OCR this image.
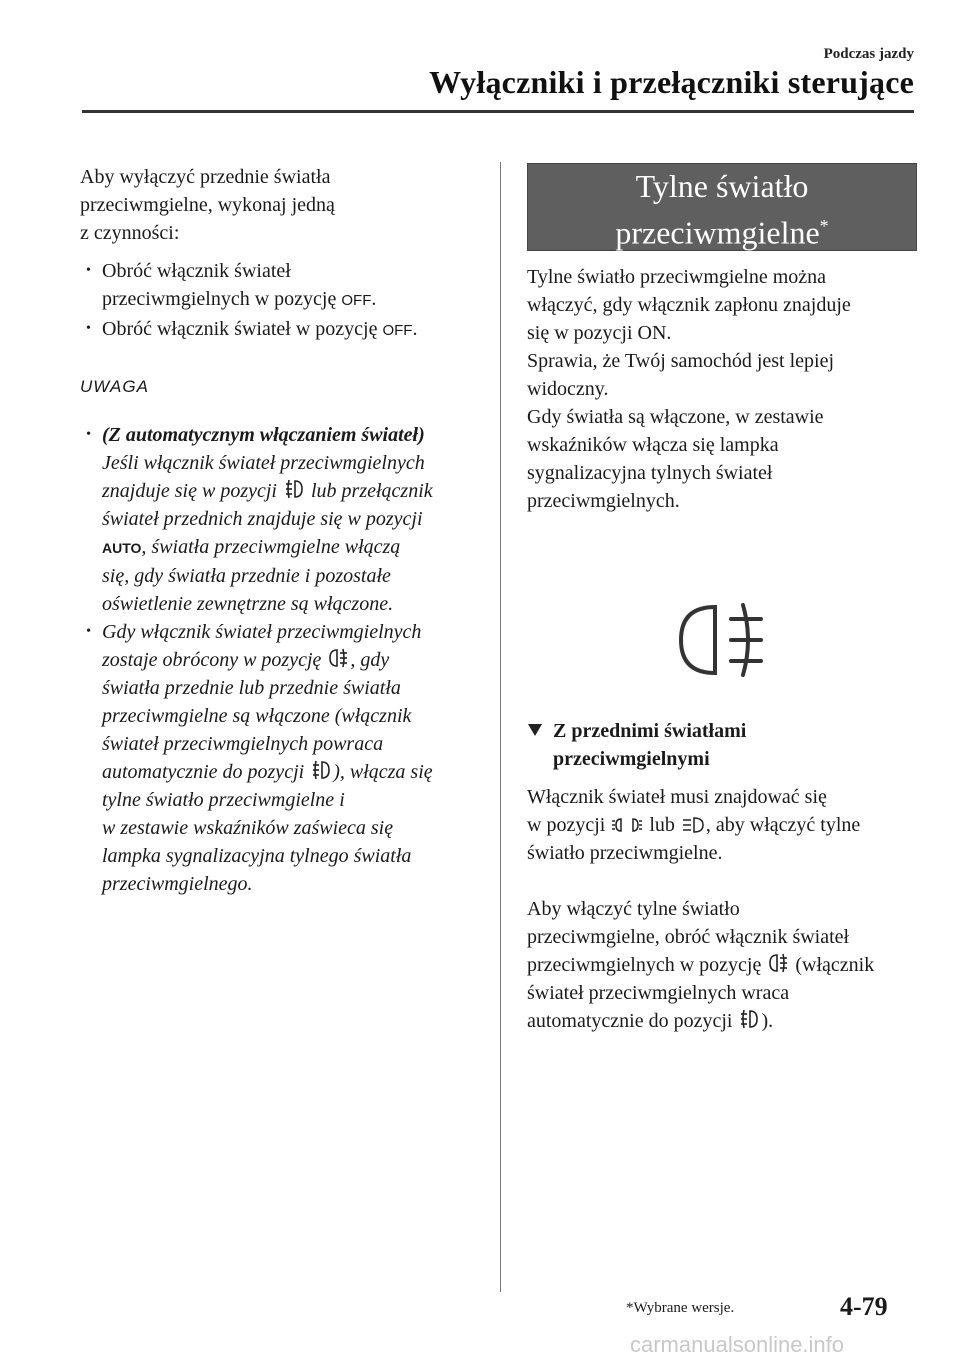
Podczas jazdy
Wyłączniki i przełączniki sterujące

Aby wyłączyć przednie światła

przeciwmgielne, wykonaj jedną

z czynności:

• Obróć włącznik świateł
przeciwmgielnych w pozycję OFF.

• Obróć włącznik świateł w pozycję OFF.

UWAGA

• (Z automatycznym włączaniem świateł)
Jeśli włącznik świateł przeciwmgielnych
znajduje się w pozycji  lub przełącznik
świateł przednich znajduje się w pozycji
AUTO, światła przeciwmgielne włączą
się, gdy światła przednie i pozostałe
oświetlenie zewnętrzne są włączone.

• Gdy włącznik świateł przeciwmgielnych
zostaje obrócony w pozycję , gdy
światła przednie lub przednie światła
przeciwmgielne są włączone (włącznik
świateł przeciwmgielnych powraca
automatycznie do pozycji ), włącza się
tylne światło przeciwmgielne i
w zestawie wskaźników zaświeca się
lampka sygnalizacyjna tylnego światła
przeciwmgielnego.

Tylne światło
przeciwmgielne*

Tylne światło przeciwmgielne można

włączyć, gdy włącznik zapłonu znajduje

się w pozycji ON.

Sprawia, że Twój samochód jest lepiej

widoczny.

Gdy światła są włączone, w zestawie

wskaźników włącza się lampka

sygnalizacyjna tylnych świateł

przeciwmgielnych.

Z przednimi światłami
przeciwmgielnymi

Włącznik świateł musi znajdować się

w pozycji  lub , aby włączyć tylne

światło przeciwmgielne.

Aby włączyć tylne światło

przeciwmgielne, obróć włącznik świateł

przeciwmgielnych w pozycję  (włącznik

świateł przeciwmgielnych wraca

automatycznie do pozycji ).

*Wybrane wersje.	4-79
carmanualsonline.info
